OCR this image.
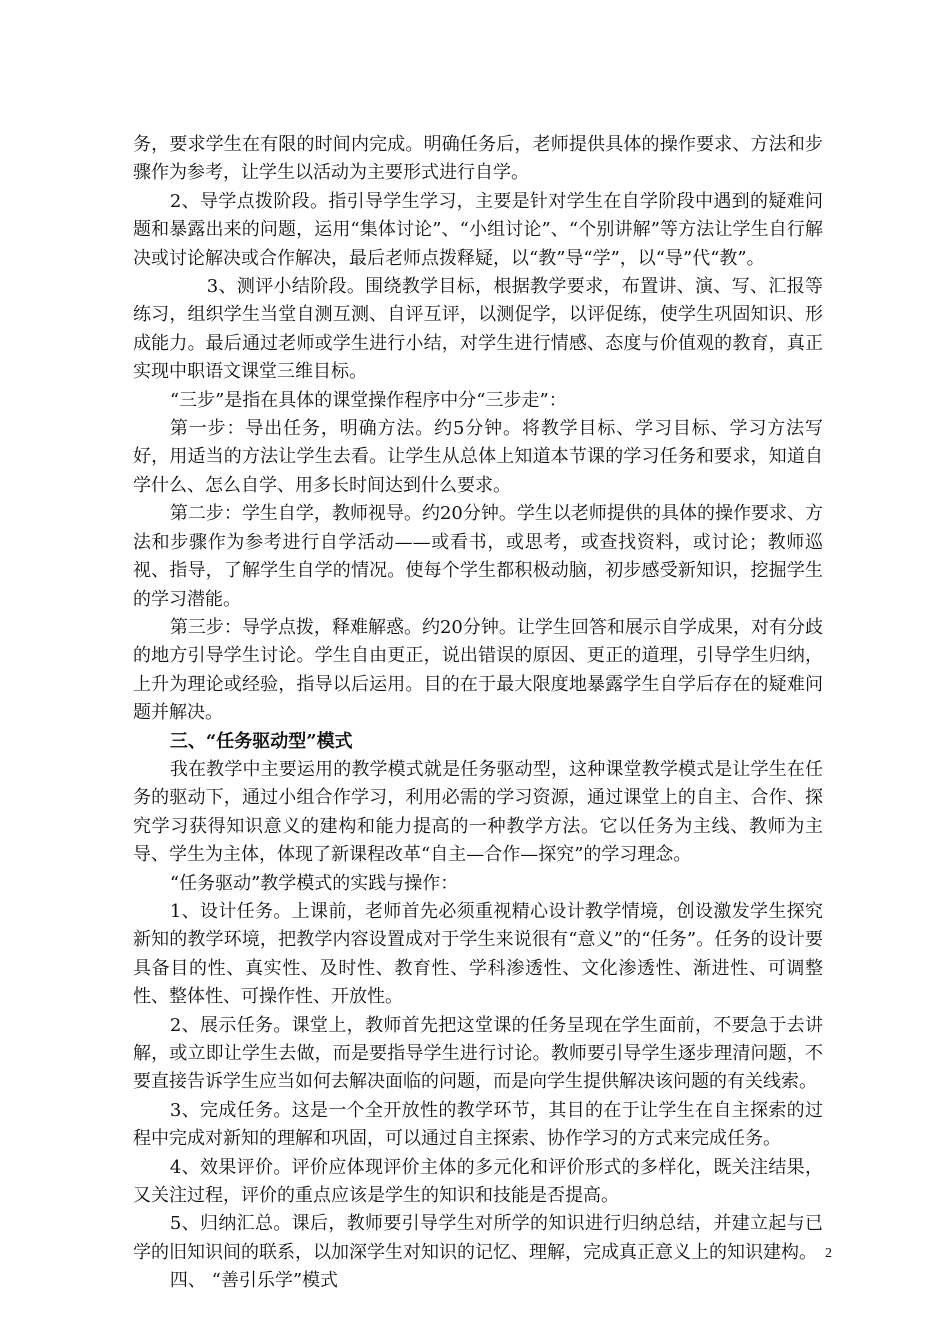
务，要求学生在有限的时间内完成。明确任务后，老师提供具体的操作要求、方法和步骤作为参考，让学生以活动为主要形式进行自学。

2、导学点拨阶段。指引导学生学习，主要是针对学生在自学阶段中遇到的疑难问题和暴露出来的问题，运用“集体讨论”、“小组讨论”、“个别讲解”等方法让学生自行解决或讨论解决或合作解决，最后老师点拨释疑，以“教”导“学”，以“导”代“教”。

3、测评小结阶段。围绕教学目标，根据教学要求，布置讲、演、写、汇报等练习，组织学生当堂自测互测、自评互评，以测促学，以评促练，使学生巩固知识、形成能力。最后通过老师或学生进行小结，对学生进行情感、态度与价值观的教育，真正实现中职语文课堂三维目标。

“三步”是指在具体的课堂操作程序中分“三步走”：

第一步：导出任务，明确方法。约5分钟。将教学目标、学习目标、学习方法写好，用适当的方法让学生去看。让学生从总体上知道本节课的学习任务和要求，知道自学什么、怎么自学、用多长时间达到什么要求。

第二步：学生自学，教师视导。约20分钟。学生以老师提供的具体的操作要求、方法和步骤作为参考进行自学活动——或看书，或思考，或查找资料，或讨论；教师巡视、指导，了解学生自学的情况。使每个学生都积极动脑，初步感受新知识，挖掘学生的学习潜能。

第三步：导学点拨，释难解惑。约20分钟。让学生回答和展示自学成果，对有分歧的地方引导学生讨论。学生自由更正，说出错误的原因、更正的道理，引导学生归纳，上升为理论或经验，指导以后运用。目的在于最大限度地暴露学生自学后存在的疑难问题并解决。

三、“任务驱动型”模式

我在教学中主要运用的教学模式就是任务驱动型，这种课堂教学模式是让学生在任务的驱动下，通过小组合作学习，利用必需的学习资源，通过课堂上的自主、合作、探究学习获得知识意义的建构和能力提高的一种教学方法。它以任务为主线、教师为主导、学生为主体，体现了新课程改革“自主—合作—探究”的学习理念。

“任务驱动”教学模式的实践与操作：

1、设计任务。上课前，老师首先必须重视精心设计教学情境，创设激发学生探究新知的教学环境，把教学内容设置成对于学生来说很有“意义”的“任务”。任务的设计要具备目的性、真实性、及时性、教育性、学科渗透性、文化渗透性、渐进性、可调整性、整体性、可操作性、开放性。

2、展示任务。课堂上，教师首先把这堂课的任务呈现在学生面前，不要急于去讲解，或立即让学生去做，而是要指导学生进行讨论。教师要引导学生逐步理清问题，不要直接告诉学生应当如何去解决面临的问题，而是向学生提供解决该问题的有关线索。

3、完成任务。这是一个全开放性的教学环节，其目的在于让学生在自主探索的过程中完成对新知的理解和巩固，可以通过自主探索、协作学习的方式来完成任务。

4、效果评价。评价应体现评价主体的多元化和评价形式的多样化，既关注结果，又关注过程，评价的重点应该是学生的知识和技能是否提高。

5、归纳汇总。课后，教师要引导学生对所学的知识进行归纳总结，并建立起与已学的旧知识间的联系，以加深学生对知识的记忆、理解，完成真正意义上的知识建构。

四、 “善引乐学”模式

2
